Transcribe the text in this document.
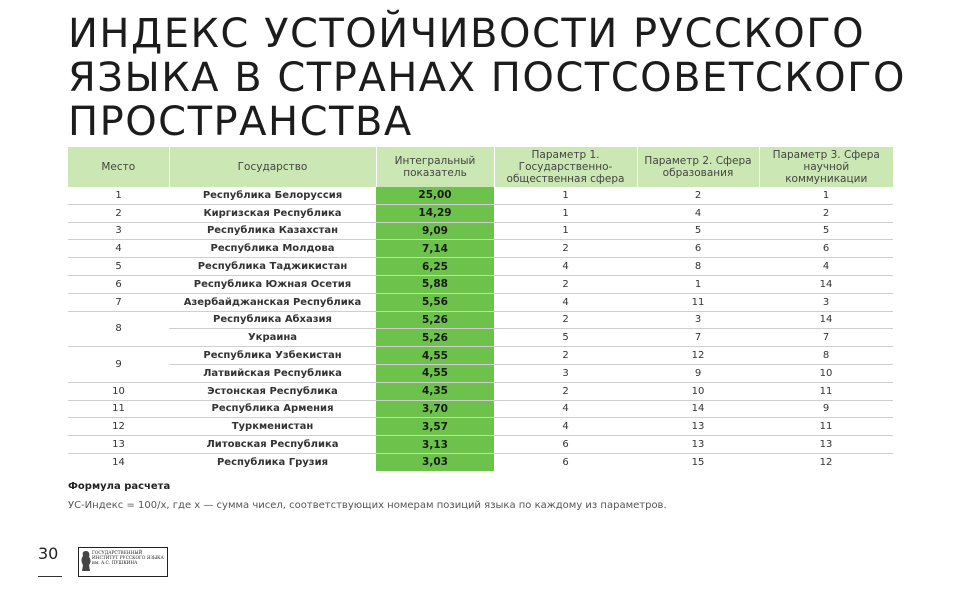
ИНДЕКС УСТОЙЧИВОСТИ РУССКОГО
ЯЗЫКА В СТРАНАХ ПОСТСОВЕТСКОГО
ПРОСТРАНСТВА
Место	Государство	Интегральный показатель	Параметр 1. Государственно-общественная сфера	Параметр 2. Сфера образования	Параметр 3. Сфера научной коммуникации
1	Республика Белоруссия	25,00	1	2	1
2	Киргизская Республика	14,29	1	4	2
3	Республика Казахстан	9,09	1	5	5
4	Республика Молдова	7,14	2	6	6
5	Республика Таджикистан	6,25	4	8	4
6	Республика Южная Осетия	5,88	2	1	14
7	Азербайджанская Республика	5,56	4	11	3
8	Республика Абхазия	5,26	2	3	14
	Украина	5,26	5	7	7
9	Республика Узбекистан	4,55	2	12	8
	Латвийская Республика	4,55	3	9	10
10	Эстонская Республика	4,35	2	10	11
11	Республика Армения	3,70	4	14	9
12	Туркменистан	3,57	4	13	11
13	Литовская Республика	3,13	6	13	13
14	Республика Грузия	3,03	6	15	12
Формула расчета
УС-Индекс = 100/x, где x — сумма чисел, соответствующих номерам позиций языка по каждому из параметров.
30	ГОСУДАРСТВЕННЫЙ
ИНСТИТУТ РУССКОГО ЯЗЫКА
им. А.С. ПУШКИНА
